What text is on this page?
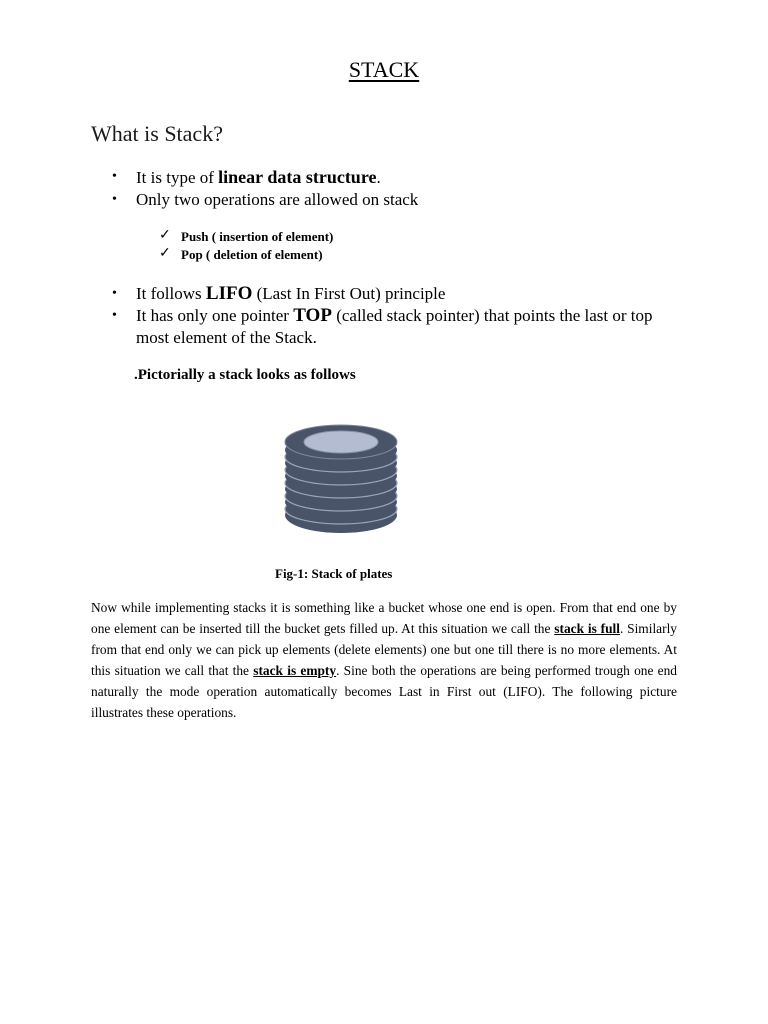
STACK
What is Stack?
• It is type of linear data structure.
• Only two operations are allowed on stack
✓ Push ( insertion of element)
✓ Pop ( deletion of element)
• It follows LIFO (Last In First Out) principle
• It has only one pointer TOP (called stack pointer) that points the last or top most element of the Stack.
.Pictorially a stack looks as follows
Fig-1: Stack of plates
Now while implementing stacks it is something like a bucket whose one end is open. From that end one by one element can be inserted till the bucket gets filled up. At this situation we call the stack is full. Similarly from that end only we can pick up elements (delete elements) one but one till there is no more elements. At this situation we call that the stack is empty. Sine both the operations are being performed trough one end naturally the mode operation automatically becomes Last in First out (LIFO). The following picture illustrates these operations.
